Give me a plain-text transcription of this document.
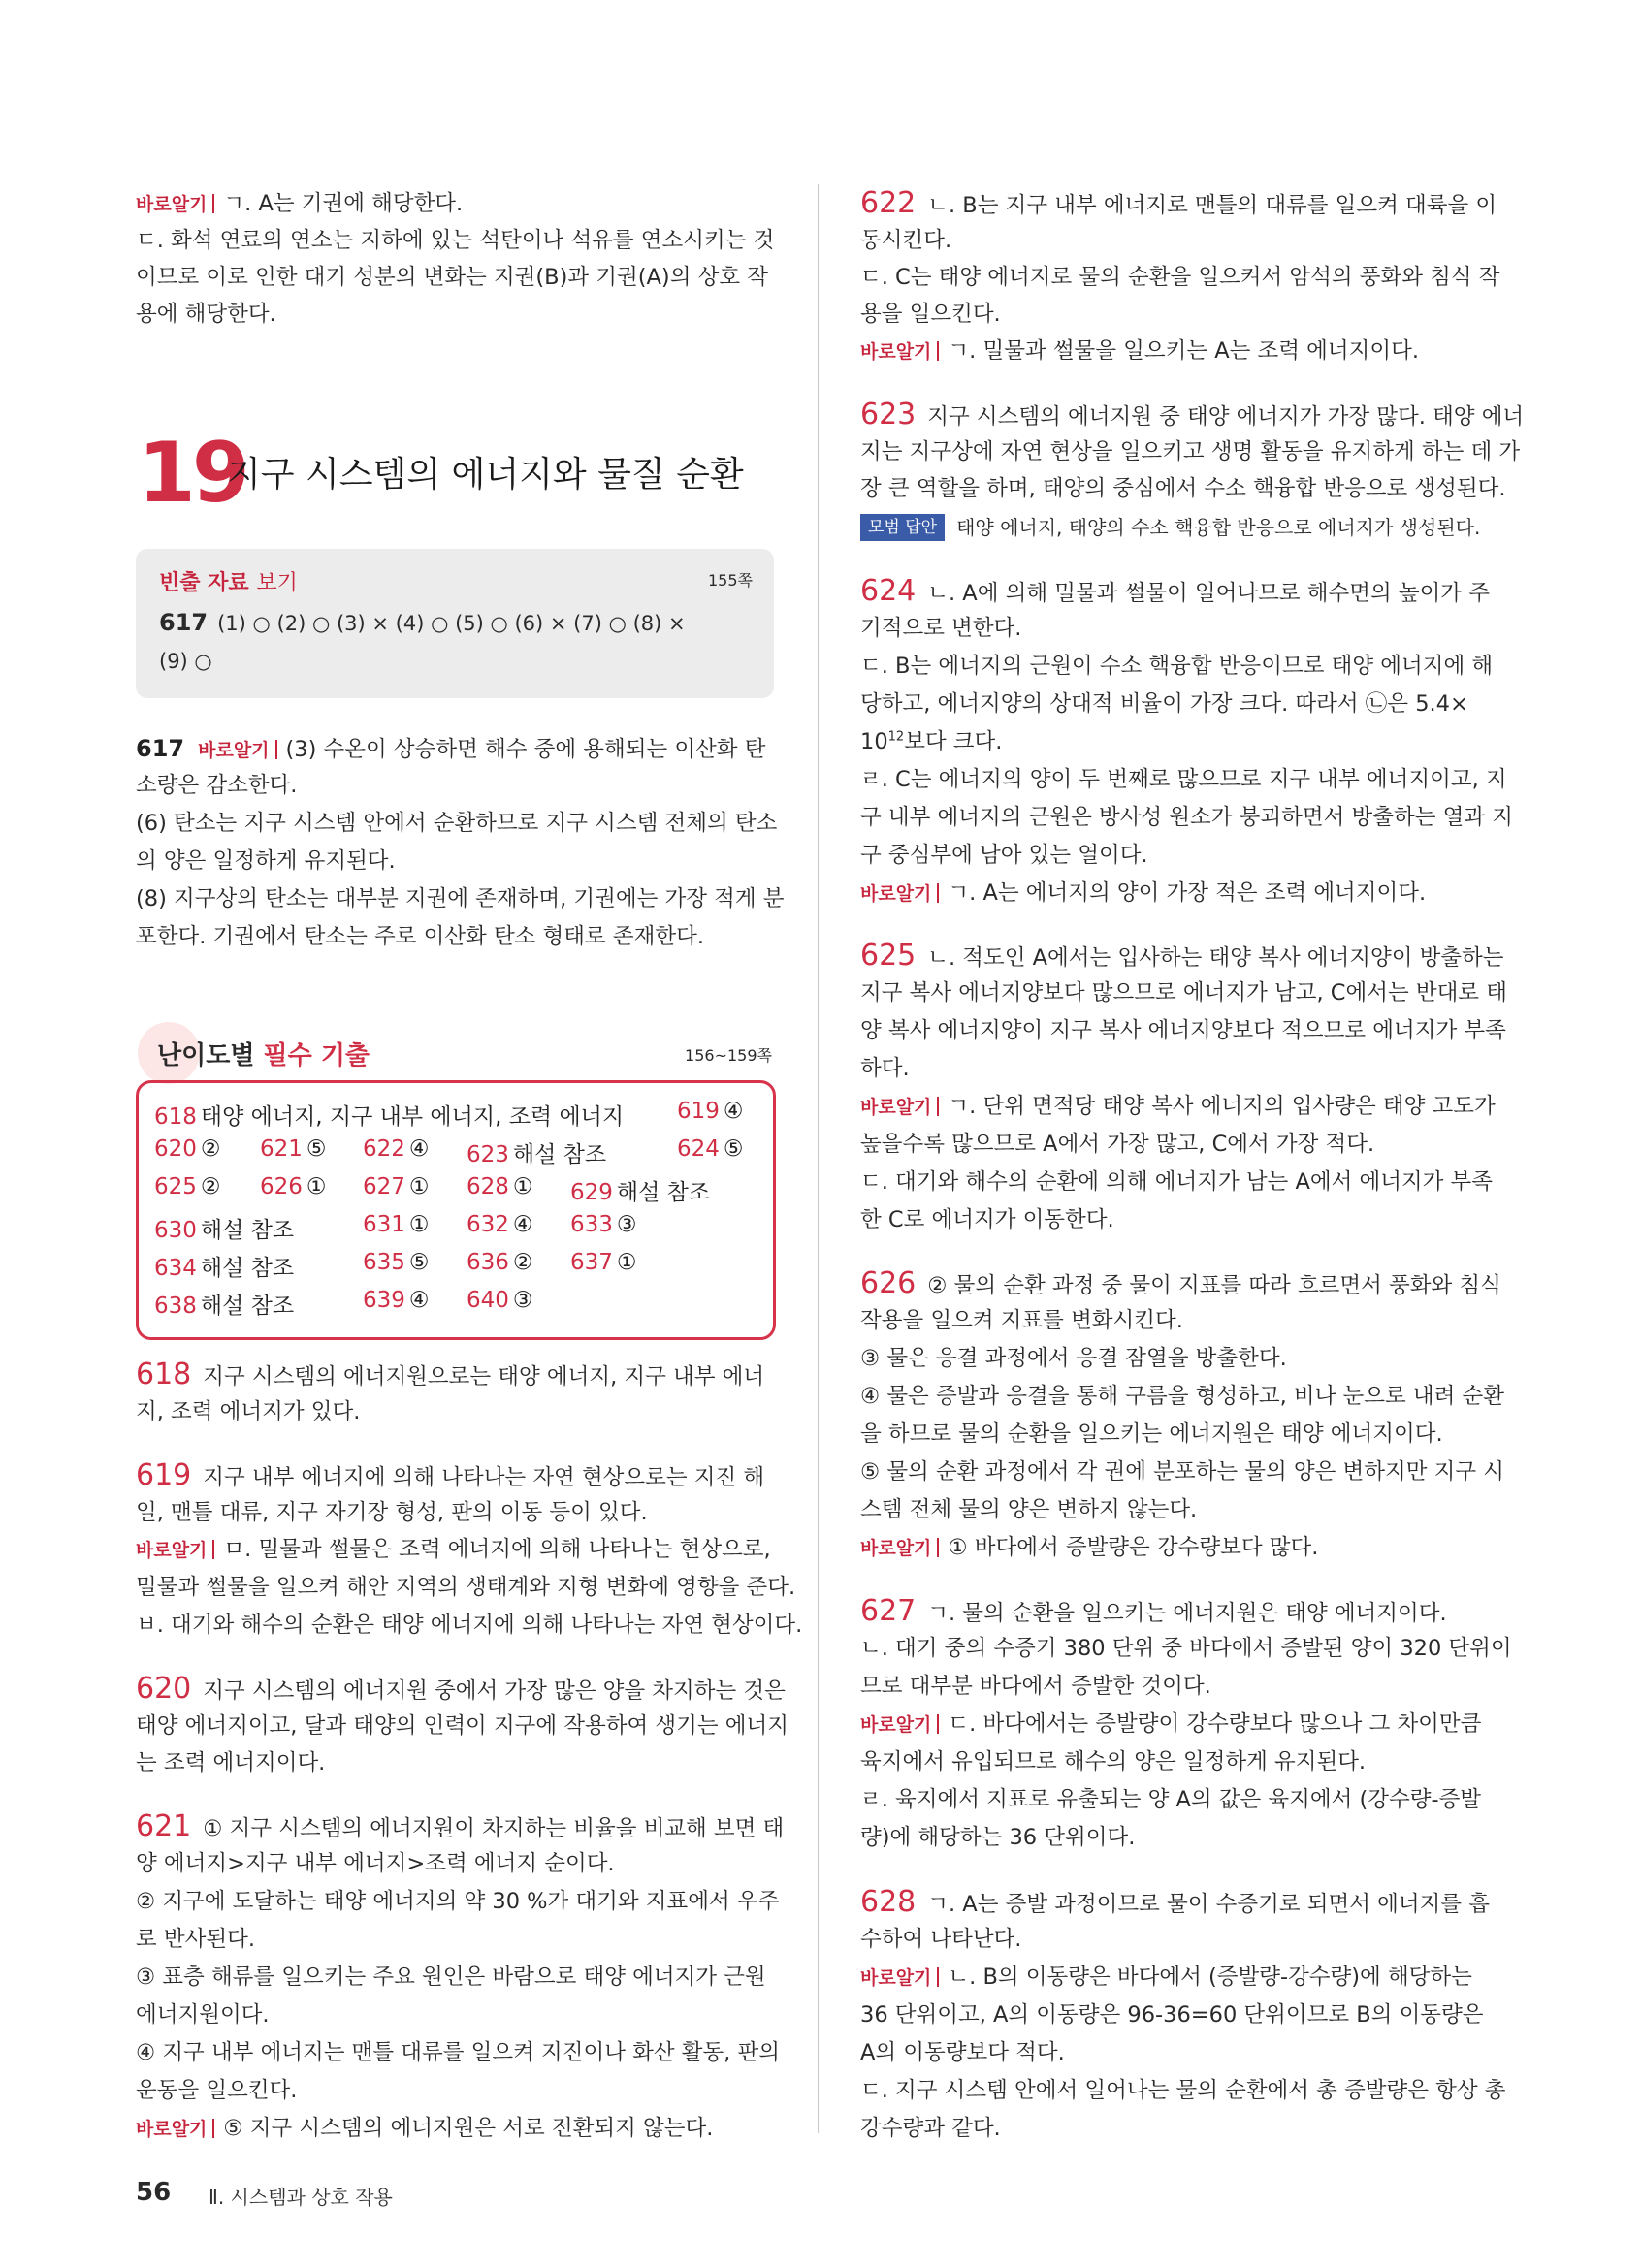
바로알기 ㄱ. A는 기권에 해당한다.
ㄷ. 화석 연료의 연소는 지하에 있는 석탄이나 석유를 연소시키는 것
이므로 이로 인한 대기 성분의 변화는 지권(B)과 기권(A)의 상호 작
용에 해당한다.
19
지구 시스템의 에너지와 물질 순환
빈출 자료 보기	155쪽
617 (1) ○ (2) ○ (3) × (4) ○ (5) ○ (6) × (7) ○ (8) ×
(9) ○
617 바로알기 (3) 수온이 상승하면 해수 중에 용해되는 이산화 탄
소량은 감소한다.
(6) 탄소는 지구 시스템 안에서 순환하므로 지구 시스템 전체의 탄소
의 양은 일정하게 유지된다.
(8) 지구상의 탄소는 대부분 지권에 존재하며, 기권에는 가장 적게 분
포한다. 기권에서 탄소는 주로 이산화 탄소 형태로 존재한다.
난이도별 필수 기출	156~159쪽
618 태양 에너지, 지구 내부 에너지, 조력 에너지 619 ④
620 ② 621 ⑤ 622 ④ 623 해설 참조	624 ⑤
625 ② 626 ① 627 ① 628 ① 629 해설 참조
630 해설 참조	631 ① 632 ④ 633 ③
634 해설 참조	635 ⑤ 636 ② 637 ①
638 해설 참조	639 ④ 640 ③
618 지구 시스템의 에너지원으로는 태양 에너지, 지구 내부 에너
지, 조력 에너지가 있다.
619 지구 내부 에너지에 의해 나타나는 자연 현상으로는 지진 해
일, 맨틀 대류, 지구 자기장 형성, 판의 이동 등이 있다.
바로알기 ㅁ. 밀물과 썰물은 조력 에너지에 의해 나타나는 현상으로,
밀물과 썰물을 일으켜 해안 지역의 생태계와 지형 변화에 영향을 준다.
ㅂ. 대기와 해수의 순환은 태양 에너지에 의해 나타나는 자연 현상이다.
620 지구 시스템의 에너지원 중에서 가장 많은 양을 차지하는 것은
태양 에너지이고, 달과 태양의 인력이 지구에 작용하여 생기는 에너지
는 조력 에너지이다.
621 ① 지구 시스템의 에너지원이 차지하는 비율을 비교해 보면 태
양 에너지>지구 내부 에너지>조력 에너지 순이다.
② 지구에 도달하는 태양 에너지의 약 30 %가 대기와 지표에서 우주
로 반사된다.
③ 표층 해류를 일으키는 주요 원인은 바람으로 태양 에너지가 근원
에너지원이다.
④ 지구 내부 에너지는 맨틀 대류를 일으켜 지진이나 화산 활동, 판의
운동을 일으킨다.
바로알기 ⑤ 지구 시스템의 에너지원은 서로 전환되지 않는다.
622 ㄴ. B는 지구 내부 에너지로 맨틀의 대류를 일으켜 대륙을 이
동시킨다.
ㄷ. C는 태양 에너지로 물의 순환을 일으켜서 암석의 풍화와 침식 작
용을 일으킨다.
바로알기 ㄱ. 밀물과 썰물을 일으키는 A는 조력 에너지이다.
623 지구 시스템의 에너지원 중 태양 에너지가 가장 많다. 태양 에너
지는 지구상에 자연 현상을 일으키고 생명 활동을 유지하게 하는 데 가
장 큰 역할을 하며, 태양의 중심에서 수소 핵융합 반응으로 생성된다.
모범 답안 태양 에너지, 태양의 수소 핵융합 반응으로 에너지가 생성된다.
624 ㄴ. A에 의해 밀물과 썰물이 일어나므로 해수면의 높이가 주
기적으로 변한다.
ㄷ. B는 에너지의 근원이 수소 핵융합 반응이므로 태양 에너지에 해
당하고, 에너지양의 상대적 비율이 가장 크다. 따라서 ㉡은 5.4×
$10^{12}$보다 크다.
ㄹ. C는 에너지의 양이 두 번째로 많으므로 지구 내부 에너지이고, 지
구 내부 에너지의 근원은 방사성 원소가 붕괴하면서 방출하는 열과 지
구 중심부에 남아 있는 열이다.
바로알기 ㄱ. A는 에너지의 양이 가장 적은 조력 에너지이다.
625 ㄴ. 적도인 A에서는 입사하는 태양 복사 에너지양이 방출하는
지구 복사 에너지양보다 많으므로 에너지가 남고, C에서는 반대로 태
양 복사 에너지양이 지구 복사 에너지양보다 적으므로 에너지가 부족
하다.
바로알기 ㄱ. 단위 면적당 태양 복사 에너지의 입사량은 태양 고도가
높을수록 많으므로 A에서 가장 많고, C에서 가장 적다.
ㄷ. 대기와 해수의 순환에 의해 에너지가 남는 A에서 에너지가 부족
한 C로 에너지가 이동한다.
626 ② 물의 순환 과정 중 물이 지표를 따라 흐르면서 풍화와 침식
작용을 일으켜 지표를 변화시킨다.
③ 물은 응결 과정에서 응결 잠열을 방출한다.
④ 물은 증발과 응결을 통해 구름을 형성하고, 비나 눈으로 내려 순환
을 하므로 물의 순환을 일으키는 에너지원은 태양 에너지이다.
⑤ 물의 순환 과정에서 각 권에 분포하는 물의 양은 변하지만 지구 시
스템 전체 물의 양은 변하지 않는다.
바로알기 ① 바다에서 증발량은 강수량보다 많다.
627 ㄱ. 물의 순환을 일으키는 에너지원은 태양 에너지이다.
ㄴ. 대기 중의 수증기 380 단위 중 바다에서 증발된 양이 320 단위이
므로 대부분 바다에서 증발한 것이다.
바로알기 ㄷ. 바다에서는 증발량이 강수량보다 많으나 그 차이만큼
육지에서 유입되므로 해수의 양은 일정하게 유지된다.
ㄹ. 육지에서 지표로 유출되는 양 A의 값은 육지에서 (강수량-증발
량)에 해당하는 36 단위이다.
628 ㄱ. A는 증발 과정이므로 물이 수증기로 되면서 에너지를 흡
수하여 나타난다.
바로알기 ㄴ. B의 이동량은 바다에서 (증발량-강수량)에 해당하는
36 단위이고, A의 이동량은 96-36=60 단위이므로 B의 이동량은
A의 이동량보다 적다.
ㄷ. 지구 시스템 안에서 일어나는 물의 순환에서 총 증발량은 항상 총
강수량과 같다.
56 Ⅱ. 시스템과 상호 작용
